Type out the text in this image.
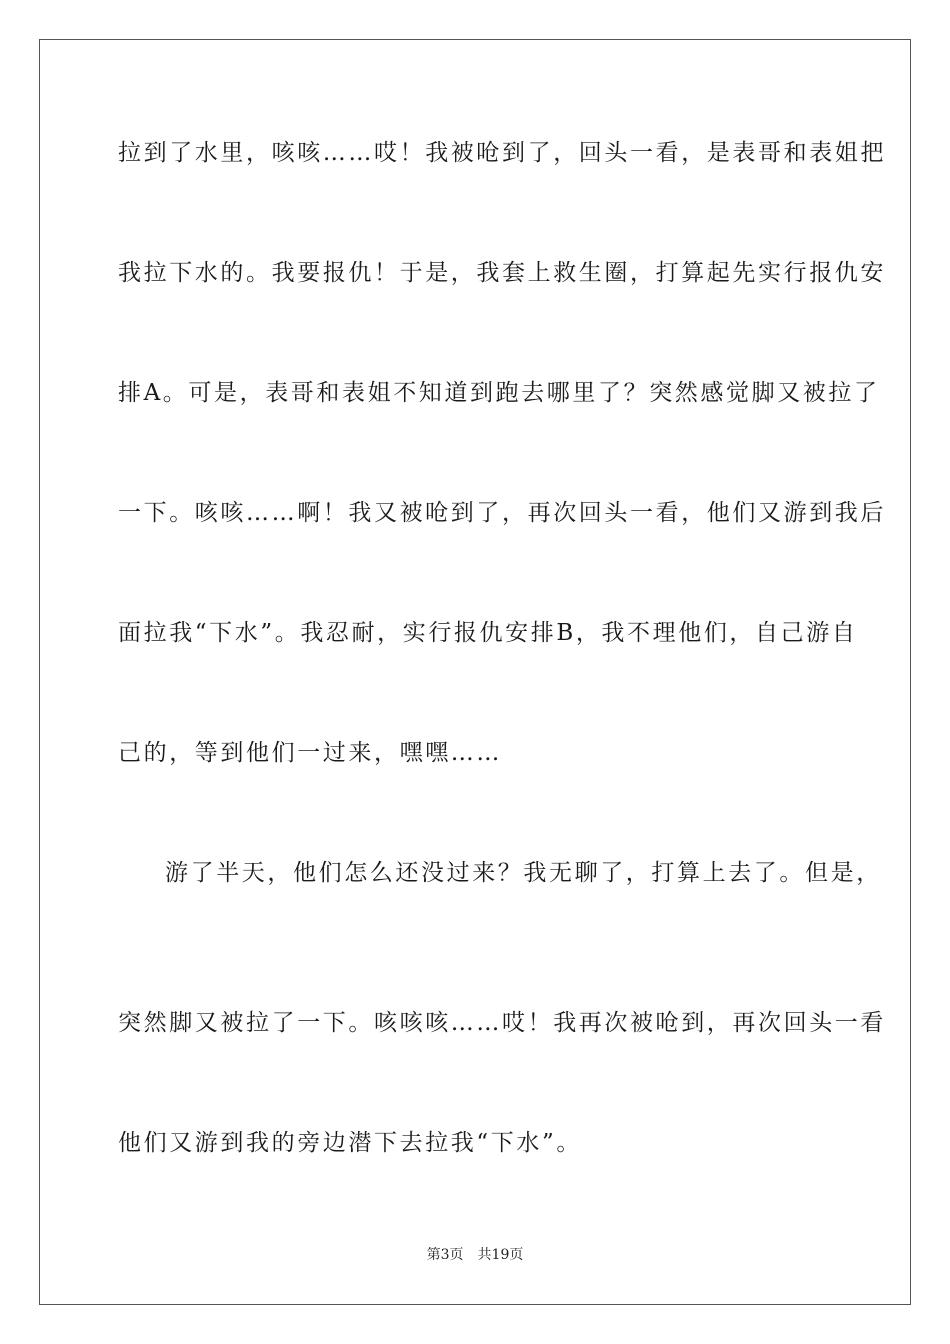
拉到了水里，咳咳……哎！我被呛到了，回头一看，是表哥和表姐把
我拉下水的。我要报仇！于是，我套上救生圈，打算起先实行报仇安
排A。可是，表哥和表姐不知道到跑去哪里了？突然感觉脚又被拉了
一下。咳咳……啊！我又被呛到了，再次回头一看，他们又游到我后
面拉我“下水”。我忍耐，实行报仇安排B，我不理他们，自己游自
己的，等到他们一过来，嘿嘿……
游了半天，他们怎么还没过来？我无聊了，打算上去了。但是，
突然脚又被拉了一下。咳咳咳……哎！我再次被呛到，再次回头一看
他们又游到我的旁边潜下去拉我“下水”。
第3页　共19页
